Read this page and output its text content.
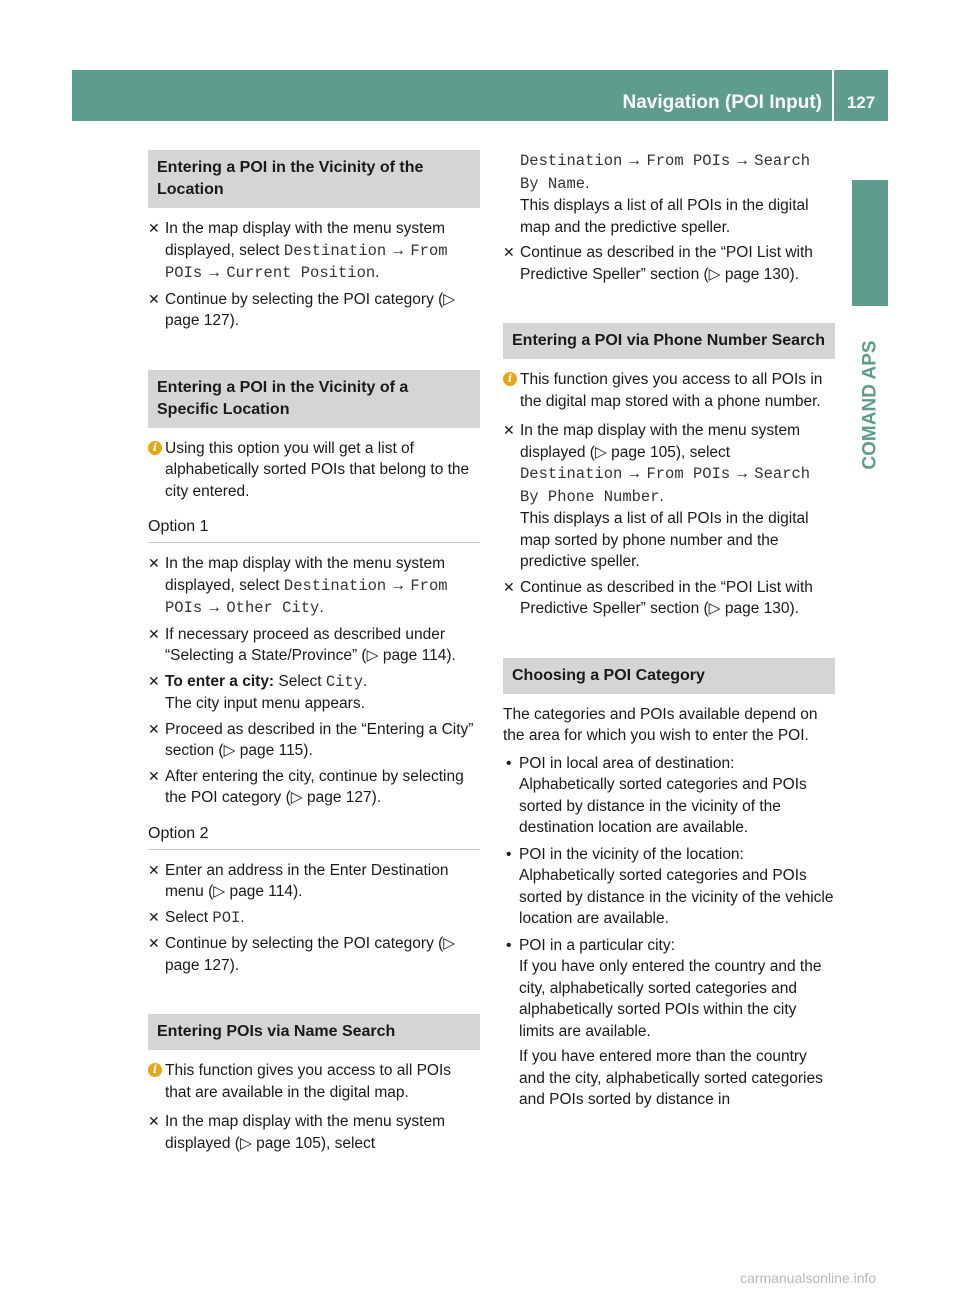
Navigation (POI Input)	127
COMAND APS
Entering a POI in the Vicinity of the Location
✕ In the map display with the menu system displayed, select Destination → From POIs → Current Position.
✕ Continue by selecting the POI category (▷ page 127).
Entering a POI in the Vicinity of a Specific Location
i Using this option you will get a list of alphabetically sorted POIs that belong to the city entered.
Option 1
✕ In the map display with the menu system displayed, select Destination → From POIs → Other City.
✕ If necessary proceed as described under “Selecting a State/Province” (▷ page 114).
✕ To enter a city: Select City.
The city input menu appears.
✕ Proceed as described in the “Entering a City” section (▷ page 115).
✕ After entering the city, continue by selecting the POI category (▷ page 127).
Option 2
✕ Enter an address in the Enter Destination menu (▷ page 114).
✕ Select POI.
✕ Continue by selecting the POI category (▷ page 127).
Entering POIs via Name Search
i This function gives you access to all POIs that are available in the digital map.
✕ In the map display with the menu system displayed (▷ page 105), select
Destination → From POIs → Search By Name.
This displays a list of all POIs in the digital map and the predictive speller.
✕ Continue as described in the “POI List with Predictive Speller” section (▷ page 130).
Entering a POI via Phone Number Search
i This function gives you access to all POIs in the digital map stored with a phone number.
✕ In the map display with the menu system displayed (▷ page 105), select
Destination → From POIs → Search By Phone Number.
This displays a list of all POIs in the digital map sorted by phone number and the predictive speller.
✕ Continue as described in the “POI List with Predictive Speller” section (▷ page 130).
Choosing a POI Category
The categories and POIs available depend on the area for which you wish to enter the POI.
• POI in local area of destination:
Alphabetically sorted categories and POIs sorted by distance in the vicinity of the destination location are available.
• POI in the vicinity of the location:
Alphabetically sorted categories and POIs sorted by distance in the vicinity of the vehicle location are available.
• POI in a particular city:
If you have only entered the country and the city, alphabetically sorted categories and alphabetically sorted POIs within the city limits are available.
If you have entered more than the country and the city, alphabetically sorted categories and POIs sorted by distance in
carmanualsonline.info
